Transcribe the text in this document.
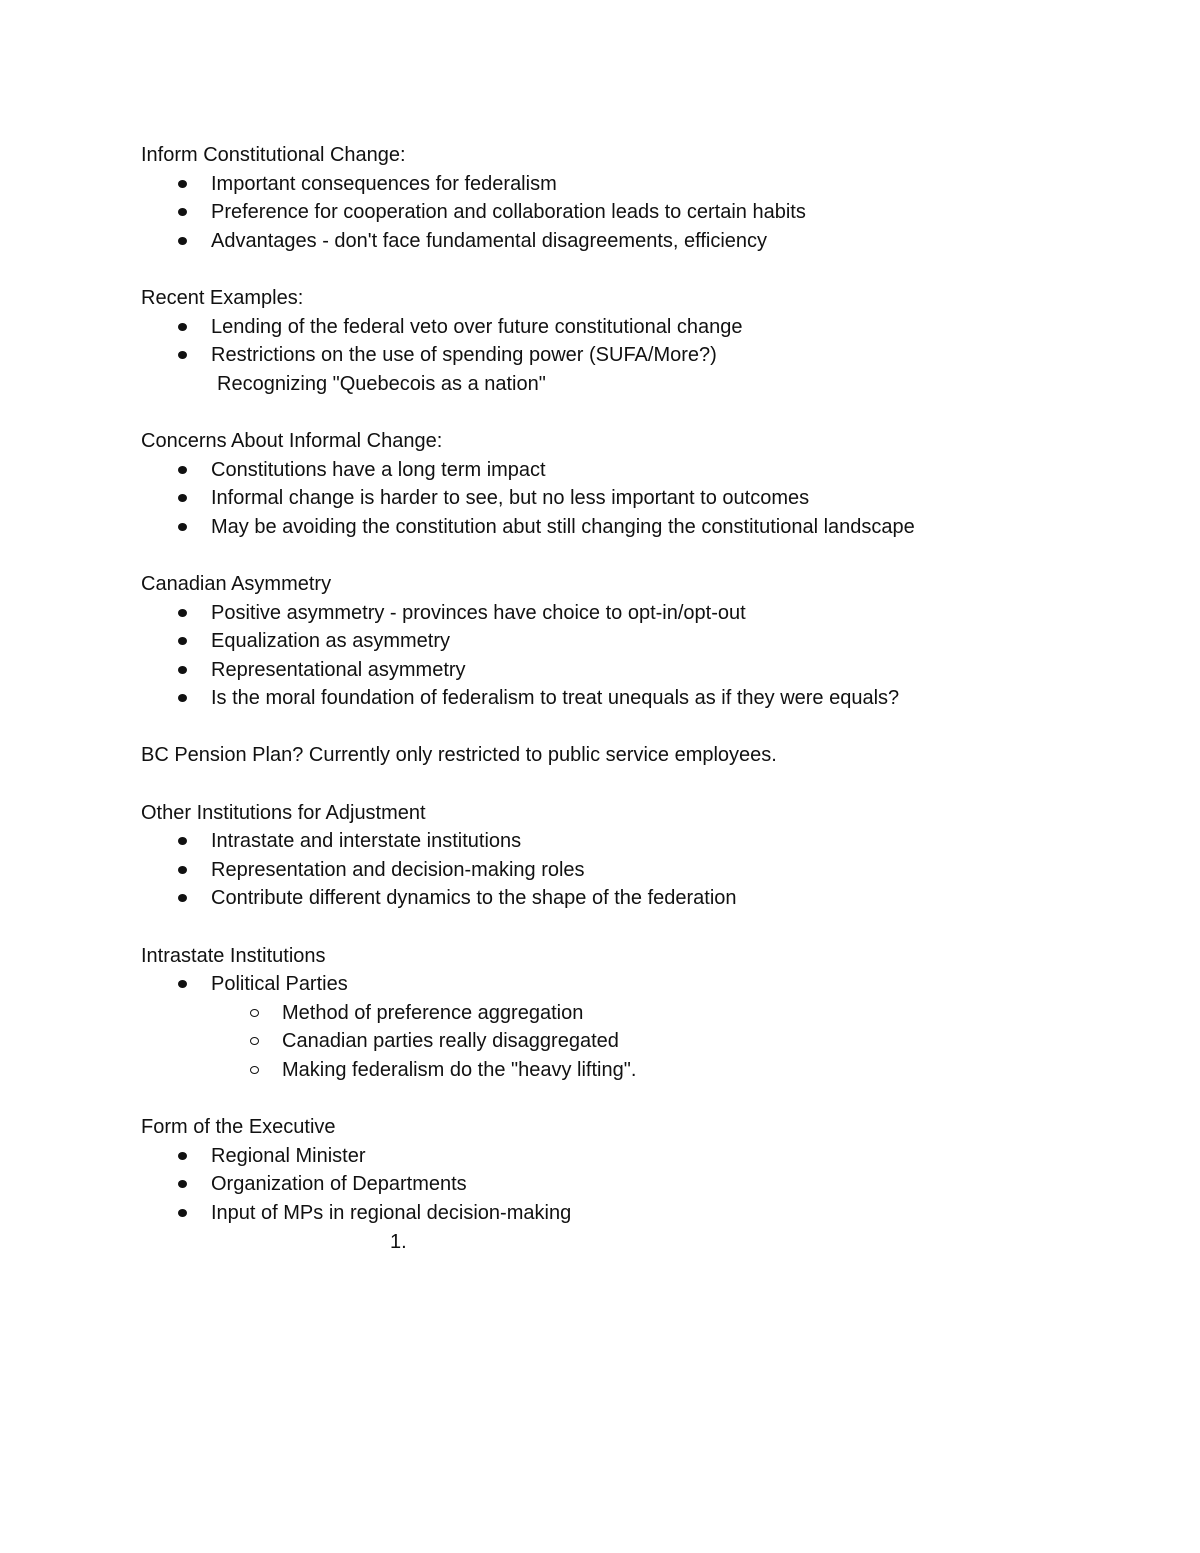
Inform Constitutional Change:
Important consequences for federalism
Preference for cooperation and collaboration leads to certain habits
Advantages - don't face fundamental disagreements, efficiency
Recent Examples:
Lending of the federal veto over future constitutional change
Restrictions on the use of spending power (SUFA/More?)
Recognizing "Quebecois as a nation"
Concerns About Informal Change:
Constitutions have a long term impact
Informal change is harder to see, but no less important to outcomes
May be avoiding the constitution abut still changing the constitutional landscape
Canadian Asymmetry
Positive asymmetry - provinces have choice to opt-in/opt-out
Equalization as asymmetry
Representational asymmetry
Is the moral foundation of federalism to treat unequals as if they were equals?
BC Pension Plan? Currently only restricted to public service employees.
Other Institutions for Adjustment
Intrastate and interstate institutions
Representation and decision-making roles
Contribute different dynamics to the shape of the federation
Intrastate Institutions
Political Parties
Method of preference aggregation
Canadian parties really disaggregated
Making federalism do the "heavy lifting".
Form of the Executive
Regional Minister
Organization of Departments
Input of MPs in regional decision-making
1.
